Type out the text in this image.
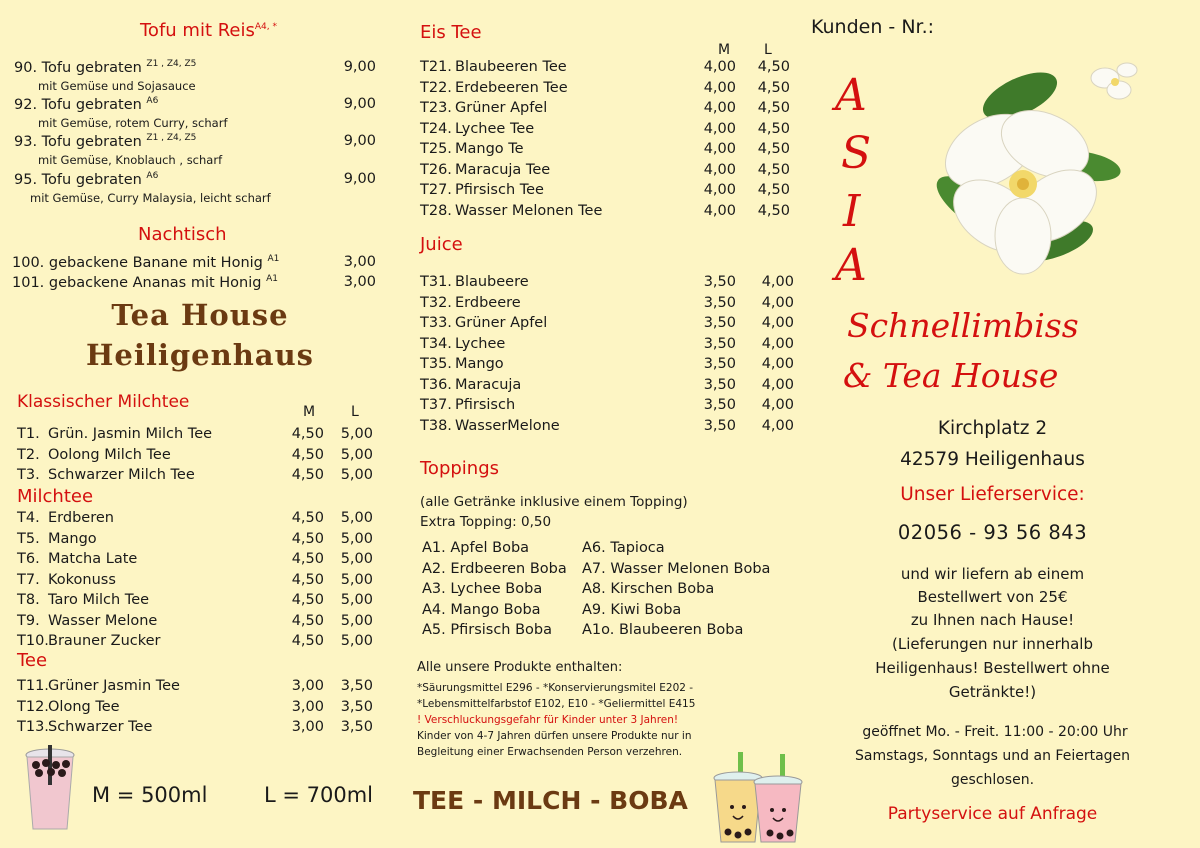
Tofu mit Reis$^{A4, *}$
90. Tofu gebraten $^{Z1 , Z4, Z5}$
mit Gemüse und Sojasauce
9,00
92. Tofu gebraten $^{A6}$
mit Gemüse, rotem Curry, scharf
9,00
93. Tofu gebraten $^{Z1 , Z4, Z5}$
mit Gemüse, Knoblauch , scharf
9,00
95. Tofu gebraten $^{A6}$
mit Gemüse, Curry Malaysia, leicht scharf
9,00
Nachtisch
100. gebackene Banane mit Honig $^{A1}$	3,00
101. gebackene Ananas mit Honig $^{A1}$	3,00
Tea House
Heiligenhaus
Klassischer Milchtee	M	L
T1. Grün. Jasmin Milch Tee	4,50	5,00
T2. Oolong Milch Tee	4,50	5,00
T3. Schwarzer Milch Tee	4,50	5,00
Milchtee
T4. Erdberen	4,50	5,00
T5. Mango	4,50	5,00
T6. Matcha Late	4,50	5,00
T7. Kokonuss	4,50	5,00
T8. Taro Milch Tee	4,50	5,00
T9. Wasser Melone	4,50	5,00
T10. Brauner Zucker	4,50	5,00
Tee
T11. Grüner Jasmin Tee	3,00	3,50
T12. Olong Tee	3,00	3,50
T13. Schwarzer Tee	3,00	3,50
M = 500ml	L = 700ml
Eis Tee
M L
T21. Blaubeeren Tee	4,00	4,50
T22. Erdebeeren Tee	4,00	4,50
T23. Grüner Apfel	4,00	4,50
T24. Lychee Tee	4,00	4,50
T25. Mango Te	4,00	4,50
T26. Maracuja Tee	4,00	4,50
T27. Pfirsisch Tee	4,00	4,50
T28. Wasser Melonen Tee	4,00	4,50
Juice
T31. Blaubeere	3,50	4,00
T32. Erdbeere	3,50	4,00
T33. Grüner Apfel	3,50	4,00
T34. Lychee	3,50	4,00
T35. Mango	3,50	4,00
T36. Maracuja	3,50	4,00
T37. Pfirsisch	3,50	4,00
T38. WasserMelone	3,50	4,00
Toppings
(alle Getränke inklusive einem Topping)
Extra Topping: 0,50
A1. Apfel Boba
A2. Erdbeeren Boba
A3. Lychee Boba
A4. Mango Boba
A5. Pfirsisch Boba
A6. Tapioca
A7. Wasser Melonen Boba
A8. Kirschen Boba
A9. Kiwi Boba
A1o. Blaubeeren Boba
Alle unsere Produkte enthalten:
*Säurungsmittel E296 - *Konservierungsmitel E202 -
*Lebensmittelfarbstof E102, E10 - *Geliermittel E415
! Verschluckungsgefahr für Kinder unter 3 Jahren!
Kinder von 4-7 Jahren dürfen unsere Produkte nur in
Begleitung einer Erwachsenden Person verzehren.
TEE - MILCH - BOBA
Kunden - Nr.:
A
S
I
A
Schnellimbiss
& Tea House
Kirchplatz 2
42579 Heiligenhaus
Unser Lieferservice:
02056 - 93 56 843
und wir liefern ab einem
Bestellwert von 25€
zu Ihnen nach Hause!
(Lieferungen nur innerhalb
Heiligenhaus! Bestellwert ohne
Getränkte!)
geöffnet Mo. - Freit. 11:00 - 20:00 Uhr
Samstags, Sonntags und an Feiertagen
geschlosen.
Partyservice auf Anfrage
